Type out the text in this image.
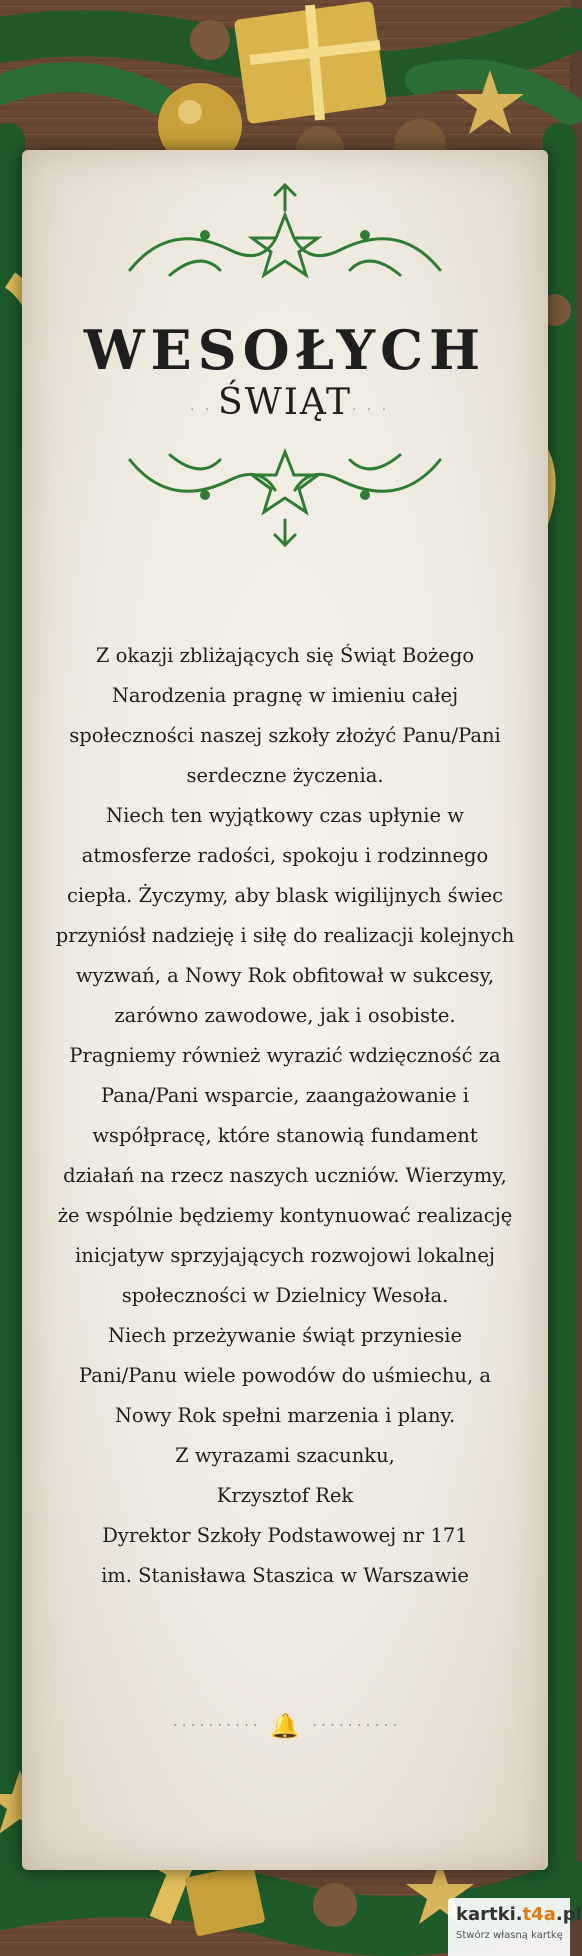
WESOŁYCH
· · ·
ŚWIĄT · · ·

Z okazji zbliżających się Świąt Bożego

Narodzenia pragnę w imieniu całej

społeczności naszej szkoły złożyć Panu/Pani

serdeczne życzenia.

Niech ten wyjątkowy czas upłynie w

atmosferze radości, spokoju i rodzinnego

ciepła. Życzymy, aby blask wigilijnych świec

przyniósł nadzieję i siłę do realizacji kolejnych

wyzwań, a Nowy Rok obfitował w sukcesy,

zarówno zawodowe, jak i osobiste.

Pragniemy również wyrazić wdzięczność za

Pana/Pani wsparcie, zaangażowanie i

współpracę, które stanowią fundament

działań na rzecz naszych uczniów. Wierzymy,

że wspólnie będziemy kontynuować realizację

inicjatyw sprzyjających rozwojowi lokalnej

społeczności w Dzielnicy Wesoła.

Niech przeżywanie świąt przyniesie

Pani/Panu wiele powodów do uśmiechu, a

Nowy Rok spełni marzenia i plany.

Z wyrazami szacunku,

Krzysztof Rek

Dyrektor Szkoły Podstawowej nr 171

im. Stanisława Staszica w Warszawie

· · · · · · · · · · 🔔 · · · · · · · · · ·
kartki.t4a.pl
Stwórz własną kartkę
